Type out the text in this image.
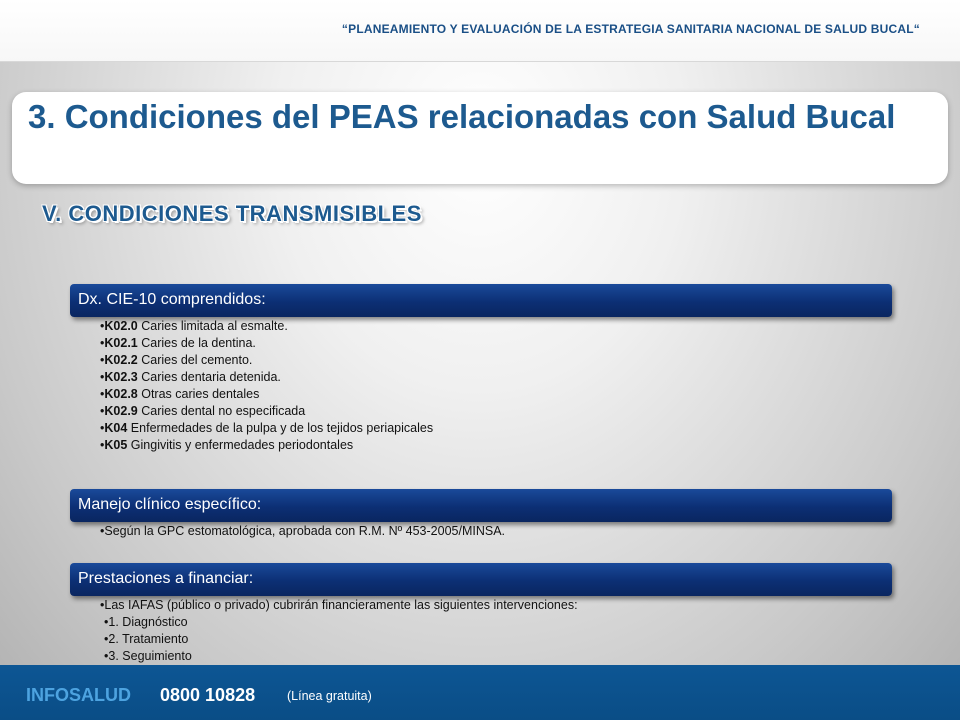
“PLANEAMIENTO Y EVALUACIÓN DE LA ESTRATEGIA SANITARIA NACIONAL DE SALUD BUCAL“
3. Condiciones del PEAS relacionadas con Salud Bucal
V. CONDICIONES TRANSMISIBLES
Dx. CIE-10 comprendidos:
• K02.0 Caries limitada al esmalte.
• K02.1 Caries de la dentina.
• K02.2 Caries del cemento.
• K02.3 Caries dentaria detenida.
• K02.8 Otras caries dentales
• K02.9 Caries dental no especificada
• K04 Enfermedades de la pulpa y de los tejidos periapicales
• K05 Gingivitis y enfermedades periodontales
Manejo clínico específico:
• Según la GPC estomatológica, aprobada con R.M. Nº 453-2005/MINSA.
Prestaciones a financiar:
• Las IAFAS (público o privado) cubrirán financieramente las siguientes intervenciones:
• 1. Diagnóstico
• 2. Tratamiento
• 3. Seguimiento
INFOSALUD 0800 10828	(Línea gratuita)
